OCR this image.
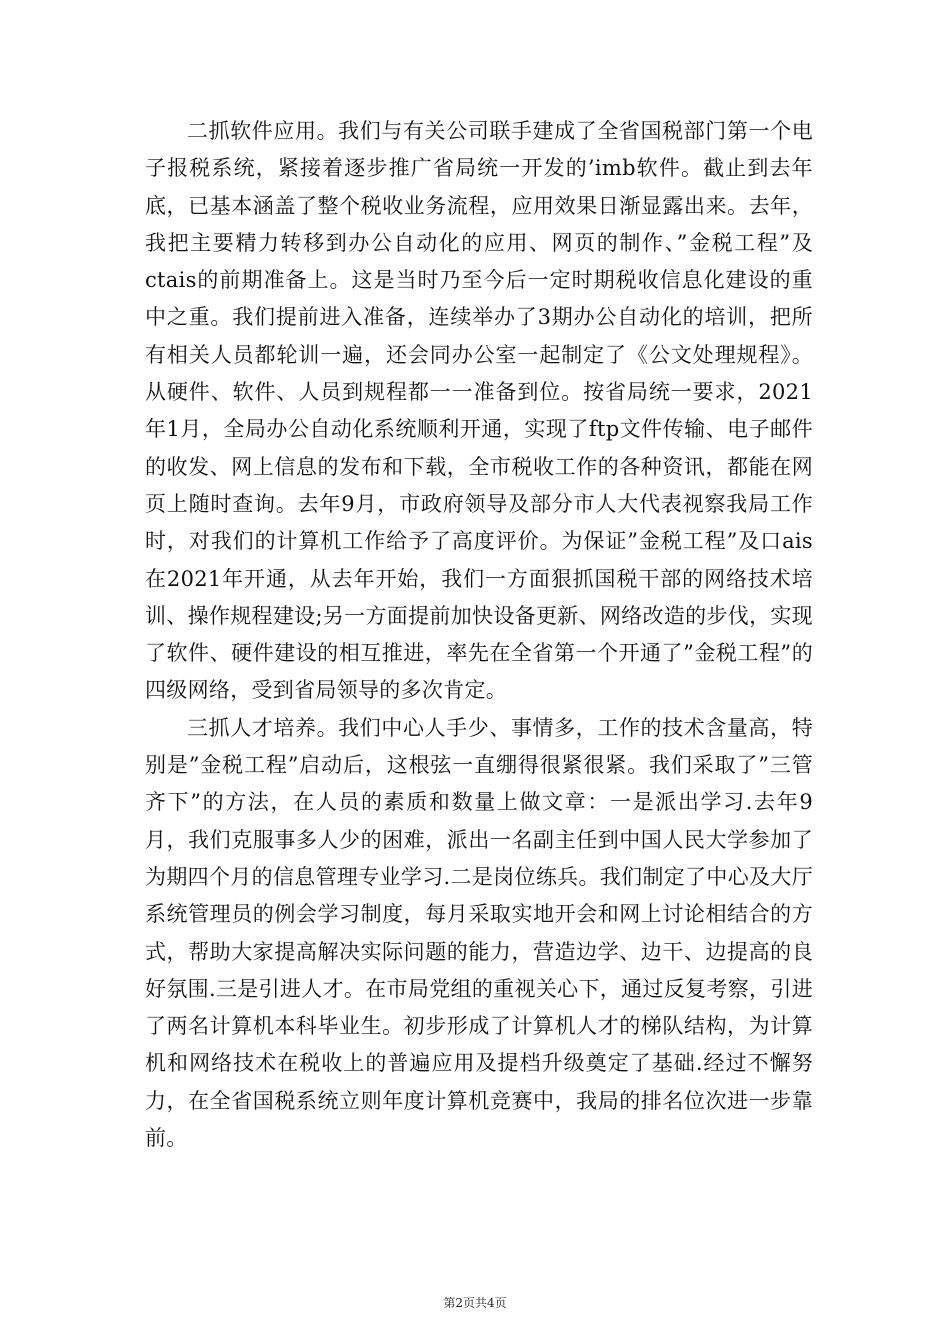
二抓软件应用。我们与有关公司联手建成了全省国税部门第一个电子报税系统，紧接着逐步推广省局统一开发的’imb软件。截止到去年底，已基本涵盖了整个税收业务流程，应用效果日渐显露出来。去年，我把主要精力转移到办公自动化的应用、网页的制作、”金税工程”及ctais的前期准备上。这是当时乃至今后一定时期税收信息化建设的重中之重。我们提前进入准备，连续举办了3期办公自动化的培训，把所有相关人员都轮训一遍，还会同办公室一起制定了《公文处理规程》。从硬件、软件、人员到规程都一一准备到位。按省局统一要求，2021年1月，全局办公自动化系统顺利开通，实现了ftp文件传输、电子邮件的收发、网上信息的发布和下载，全市税收工作的各种资讯，都能在网页上随时查询。去年9月，市政府领导及部分市人大代表视察我局工作时，对我们的计算机工作给予了高度评价。为保证”金税工程”及口ais在2021年开通，从去年开始，我们一方面狠抓国税干部的网络技术培训、操作规程建设;另一方面提前加快设备更新、网络改造的步伐，实现了软件、硬件建设的相互推进，率先在全省第一个开通了”金税工程”的四级网络，受到省局领导的多次肯定。

三抓人才培养。我们中心人手少、事情多，工作的技术含量高，特别是”金税工程”启动后，这根弦一直绷得很紧很紧。我们采取了”三管齐下”的方法，在人员的素质和数量上做文章：一是派出学习.去年9月，我们克服事多人少的困难，派出一名副主任到中国人民大学参加了为期四个月的信息管理专业学习.二是岗位练兵。我们制定了中心及大厅系统管理员的例会学习制度，每月采取实地开会和网上讨论相结合的方式，帮助大家提高解决实际问题的能力，营造边学、边干、边提高的良好氛围.三是引进人才。在市局党组的重视关心下，通过反复考察，引进了两名计算机本科毕业生。初步形成了计算机人才的梯队结构，为计算机和网络技术在税收上的普遍应用及提档升级奠定了基础.经过不懈努力，在全省国税系统立则年度计算机竞赛中，我局的排名位次进一步靠前。

第2页共4页
